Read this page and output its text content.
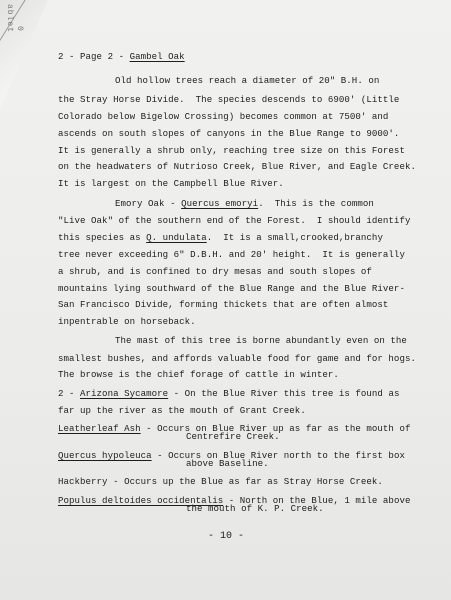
ablet 0
2 - Page 2 - Gambel Oak
Old hollow trees reach a diameter of 20" B.H. on
the Stray Horse Divide.  The species descends to 6900' (Little
Colorado below Bigelow Crossing) becomes common at 7500' and
ascends on south slopes of canyons in the Blue Range to 9000'.
It is generally a shrub only, reaching tree size on this Forest
on the headwaters of Nutrioso Creek, Blue River, and Eagle Creek.
It is largest on the Campbell Blue River.
Emory Oak - Quercus emoryi.  This is the common
"Live Oak" of the southern end of the Forest.  I should identify
this species as Q. undulata.  It is a small,crooked,branchy
tree never exceeding 6" D.B.H. and 20' height.  It is generally
a shrub, and is confined to dry mesas and south slopes of
mountains lying southward of the Blue Range and the Blue River-
San Francisco Divide, forming thickets that are often almost
inpentrable on horseback.
The mast of this tree is borne abundantly even on the
smallest bushes, and affords valuable food for game and for hogs.
The browse is the chief forage of cattle in winter.
2 - Arizona Sycamore - On the Blue River this tree is found as
far up the river as the mouth of Grant Creek.
Leatherleaf Ash - Occurs on Blue River up as far as the mouth of
Centrefire Creek.
Quercus hypoleuca - Occurs on Blue River north to the first box
above Baseline.
Hackberry - Occurs up the Blue as far as Stray Horse Creek.
Populus deltoides occidentalis - North on the Blue, 1 mile above
the mouth of K. P. Creek.
- 10 -
